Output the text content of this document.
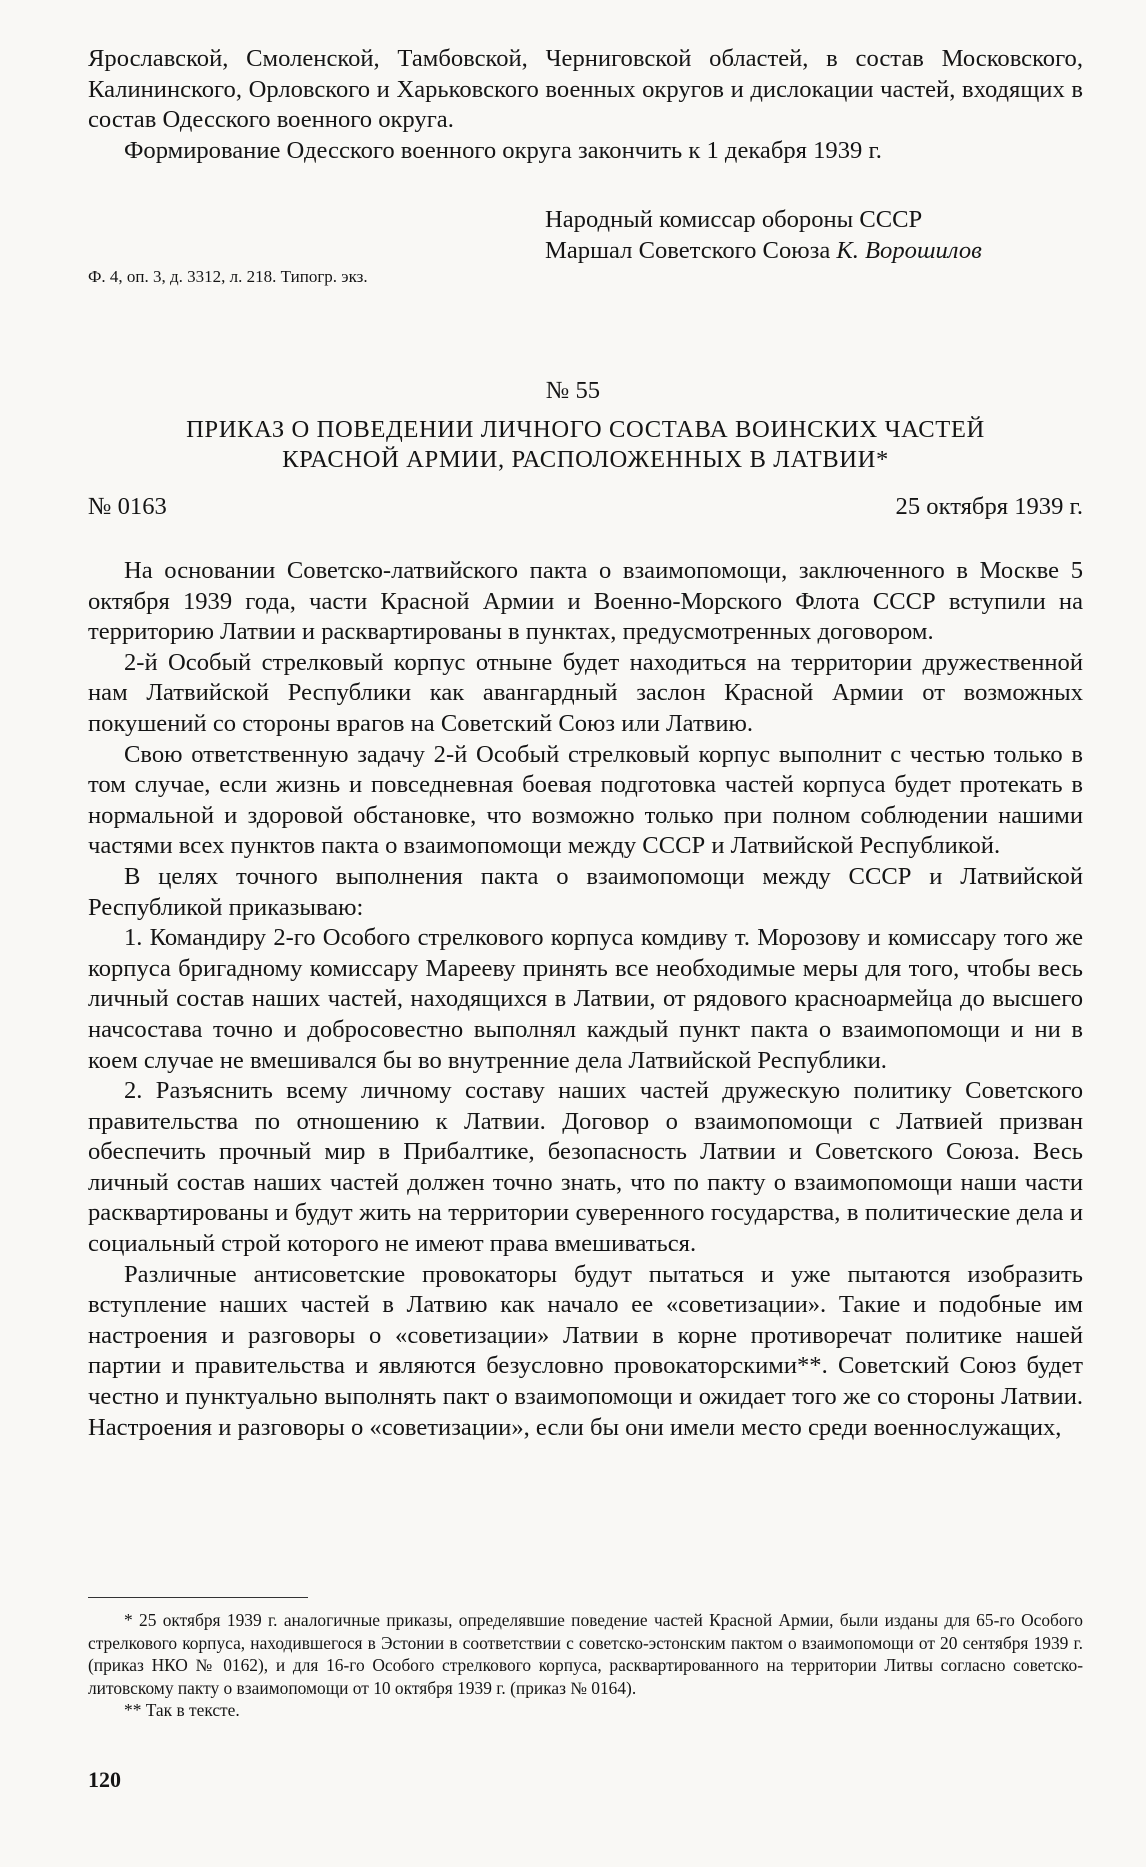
Ярославской, Смоленской, Тамбовской, Черниговской областей, в состав Московского, Калининского, Орловского и Харьковского военных округов и дислокации частей, входящих в состав Одесского военного округа.

Формирование Одесского военного округа закончить к 1 декабря 1939 г.

Народный комиссар обороны СССР
Маршал Советского Союза К. Ворошилов
Ф. 4, оп. 3, д. 3312, л. 218. Типогр. экз.
№ 55
ПРИКАЗ О ПОВЕДЕНИИ ЛИЧНОГО СОСТАВА ВОИНСКИХ ЧАСТЕЙ
КРАСНОЙ АРМИИ, РАСПОЛОЖЕННЫХ В ЛАТВИИ*
№ 0163	25 октября 1939 г.

На основании Советско-латвийского пакта о взаимопомощи, заключенного в Москве 5 октября 1939 года, части Красной Армии и Военно-Морского Флота СССР вступили на территорию Латвии и расквартированы в пунктах, предусмотренных договором.

2-й Особый стрелковый корпус отныне будет находиться на территории дружественной нам Латвийской Республики как авангардный заслон Красной Армии от возможных покушений со стороны врагов на Советский Союз или Латвию.

Свою ответственную задачу 2-й Особый стрелковый корпус выполнит с честью только в том случае, если жизнь и повседневная боевая подготовка частей корпуса будет протекать в нормальной и здоровой обстановке, что возможно только при полном соблюдении нашими частями всех пунктов пакта о взаимопомощи между СССР и Латвийской Республикой.

В целях точного выполнения пакта о взаимопомощи между СССР и Латвийской Республикой приказываю:

1. Командиру 2-го Особого стрелкового корпуса комдиву т. Морозову и комиссару того же корпуса бригадному комиссару Марееву принять все необходимые меры для того, чтобы весь личный состав наших частей, находящихся в Латвии, от рядового красноармейца до высшего начсостава точно и добросовестно выполнял каждый пункт пакта о взаимопомощи и ни в коем случае не вмешивался бы во внутренние дела Латвийской Республики.

2. Разъяснить всему личному составу наших частей дружескую политику Советского правительства по отношению к Латвии. Договор о взаимопомощи с Латвией призван обеспечить прочный мир в Прибалтике, безопасность Латвии и Советского Союза. Весь личный состав наших частей должен точно знать, что по пакту о взаимопомощи наши части расквартированы и будут жить на территории суверенного государства, в политические дела и социальный строй которого не имеют права вмешиваться.

Различные антисоветские провокаторы будут пытаться и уже пытаются изобразить вступление наших частей в Латвию как начало ее «советизации». Такие и подобные им настроения и разговоры о «советизации» Латвии в корне противоречат политике нашей партии и правительства и являются безусловно провокаторскими**. Советский Союз будет честно и пунктуально выполнять пакт о взаимопомощи и ожидает того же со стороны Латвии. Настроения и разговоры о «советизации», если бы они имели место среди военнослужащих,

* 25 октября 1939 г. аналогичные приказы, определявшие поведение частей Красной Армии, были изданы для 65-го Особого стрелкового корпуса, находившегося в Эстонии в соответствии с советско-эстонским пактом о взаимопомощи от 20 сентября 1939 г. (приказ НКО № 0162), и для 16-го Особого стрелкового корпуса, расквартированного на территории Литвы согласно советско-литовскому пакту о взаимопомощи от 10 октября 1939 г. (приказ № 0164).

** Так в тексте.

120
